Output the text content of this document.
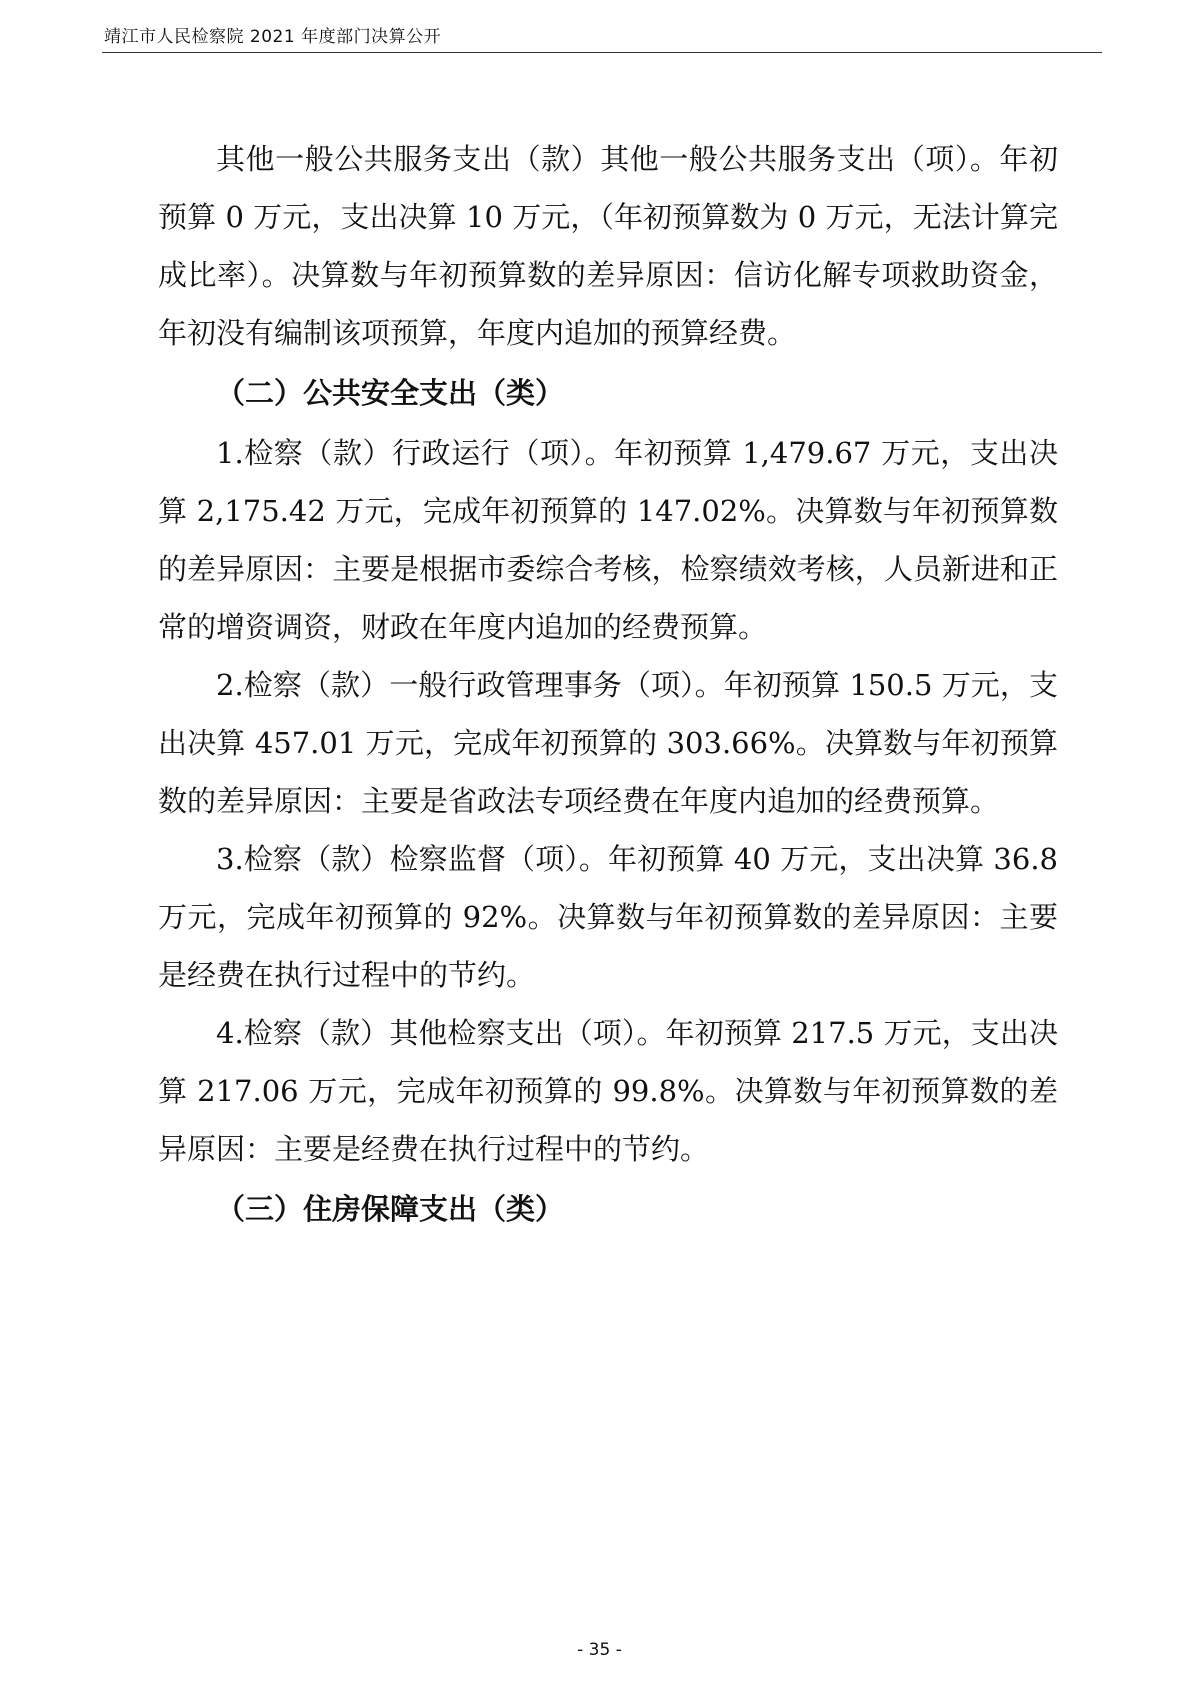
靖江市人民检察院 2021 年度部门决算公开

其他一般公共服务支出（款）其他一般公共服务支出（项）。年初预算 0 万元，支出决算 10 万元，（年初预算数为 0 万元，无法计算完成比率）。决算数与年初预算数的差异原因：信访化解专项救助资金，年初没有编制该项预算，年度内追加的预算经费。

（二）公共安全支出（类）

1.检察（款）行政运行（项）。年初预算 1,479.67 万元，支出决算 2,175.42 万元，完成年初预算的 147.02%。决算数与年初预算数的差异原因：主要是根据市委综合考核，检察绩效考核，人员新进和正常的增资调资，财政在年度内追加的经费预算。

2.检察（款）一般行政管理事务（项）。年初预算 150.5 万元，支出决算 457.01 万元，完成年初预算的 303.66%。决算数与年初预算数的差异原因：主要是省政法专项经费在年度内追加的经费预算。

3.检察（款）检察监督（项）。年初预算 40 万元，支出决算 36.8 万元，完成年初预算的 92%。决算数与年初预算数的差异原因：主要是经费在执行过程中的节约。

4.检察（款）其他检察支出（项）。年初预算 217.5 万元，支出决算 217.06 万元，完成年初预算的 99.8%。决算数与年初预算数的差异原因：主要是经费在执行过程中的节约。

（三）住房保障支出（类）

- 35 -
